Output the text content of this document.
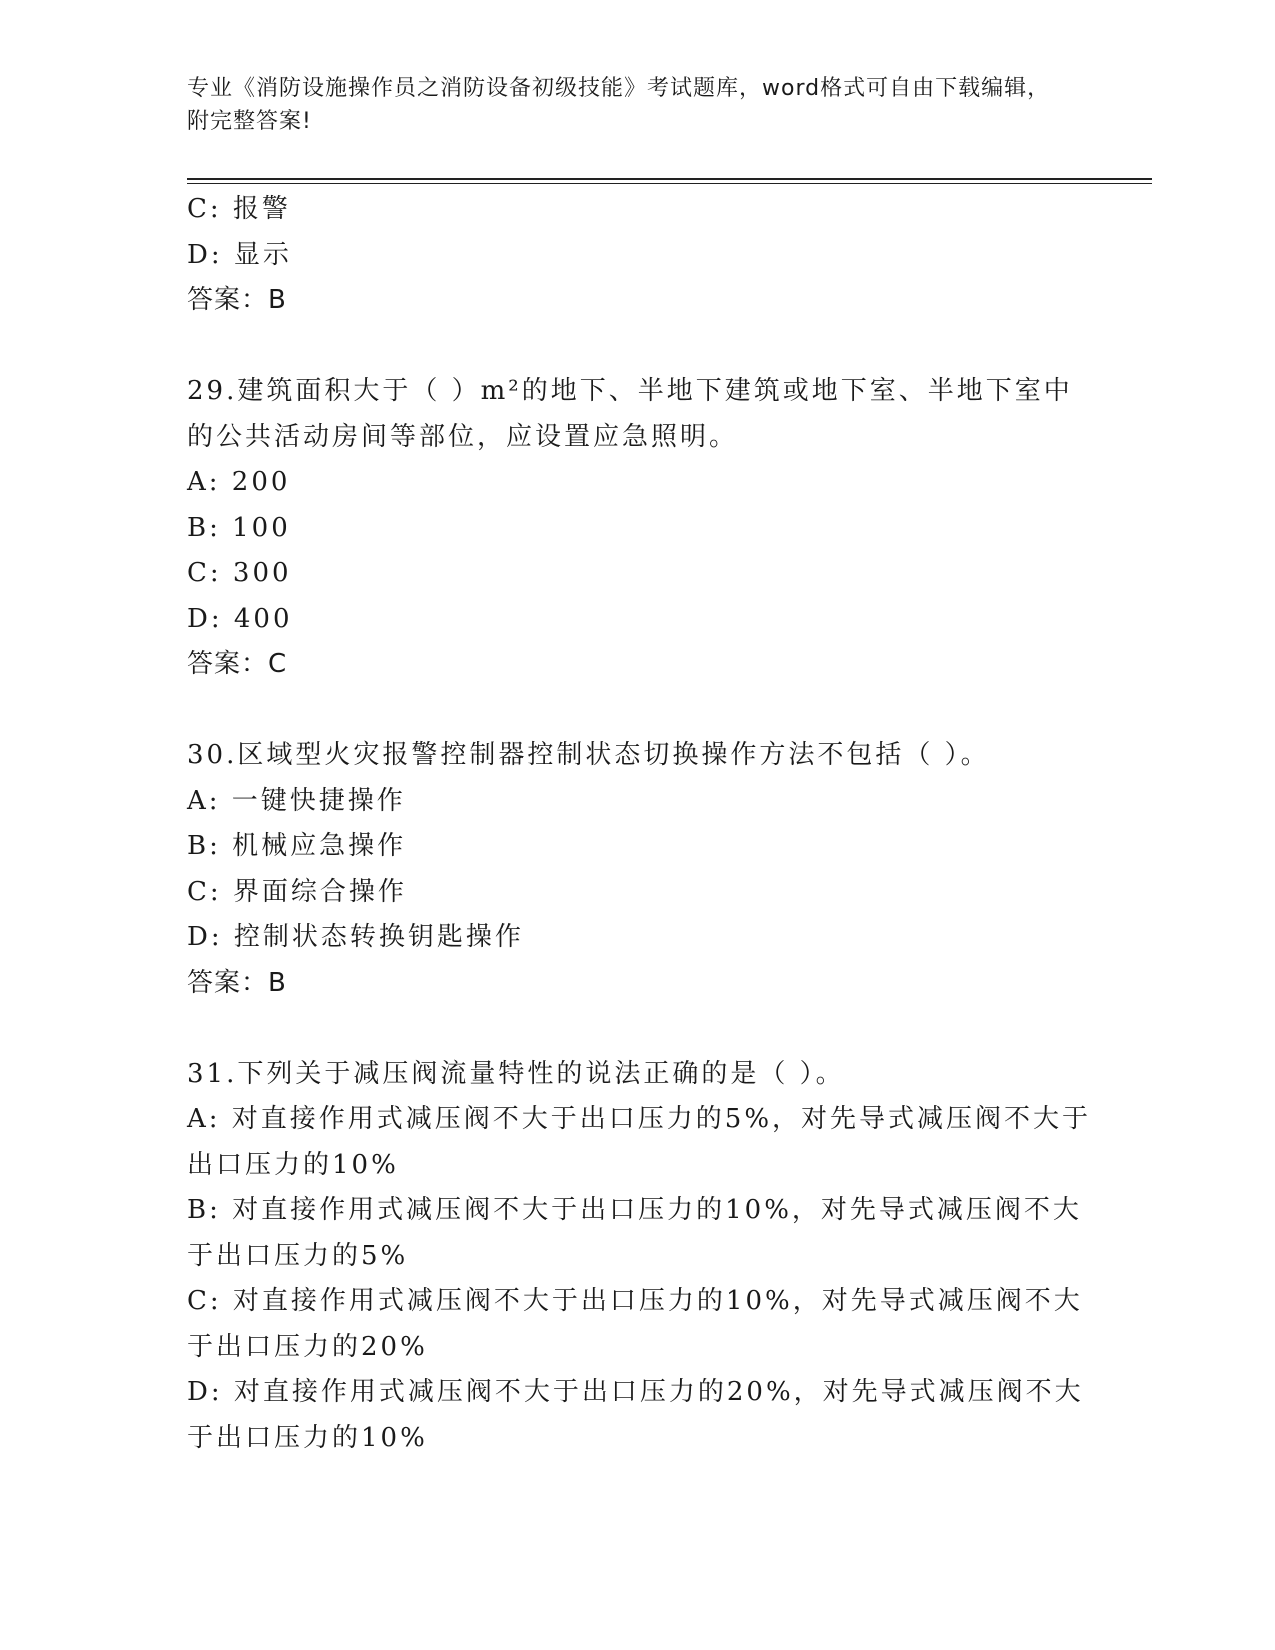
专业《消防设施操作员之消防设备初级技能》考试题库，word格式可自由下载编辑，附完整答案!
C: 报警
D: 显示
答案：B
29.建筑面积大于（ ）m²的地下、半地下建筑或地下室、半地下室中
的公共活动房间等部位，应设置应急照明。
A: 200
B: 100
C: 300
D: 400
答案：C
30.区域型火灾报警控制器控制状态切换操作方法不包括（ ）。
A: 一键快捷操作
B: 机械应急操作
C: 界面综合操作
D: 控制状态转换钥匙操作
答案：B
31.下列关于减压阀流量特性的说法正确的是（ ）。
A: 对直接作用式减压阀不大于出口压力的5%，对先导式减压阀不大于
出口压力的10%
B: 对直接作用式减压阀不大于出口压力的10%，对先导式减压阀不大
于出口压力的5%
C: 对直接作用式减压阀不大于出口压力的10%，对先导式减压阀不大
于出口压力的20%
D: 对直接作用式减压阀不大于出口压力的20%，对先导式减压阀不大
于出口压力的10%
